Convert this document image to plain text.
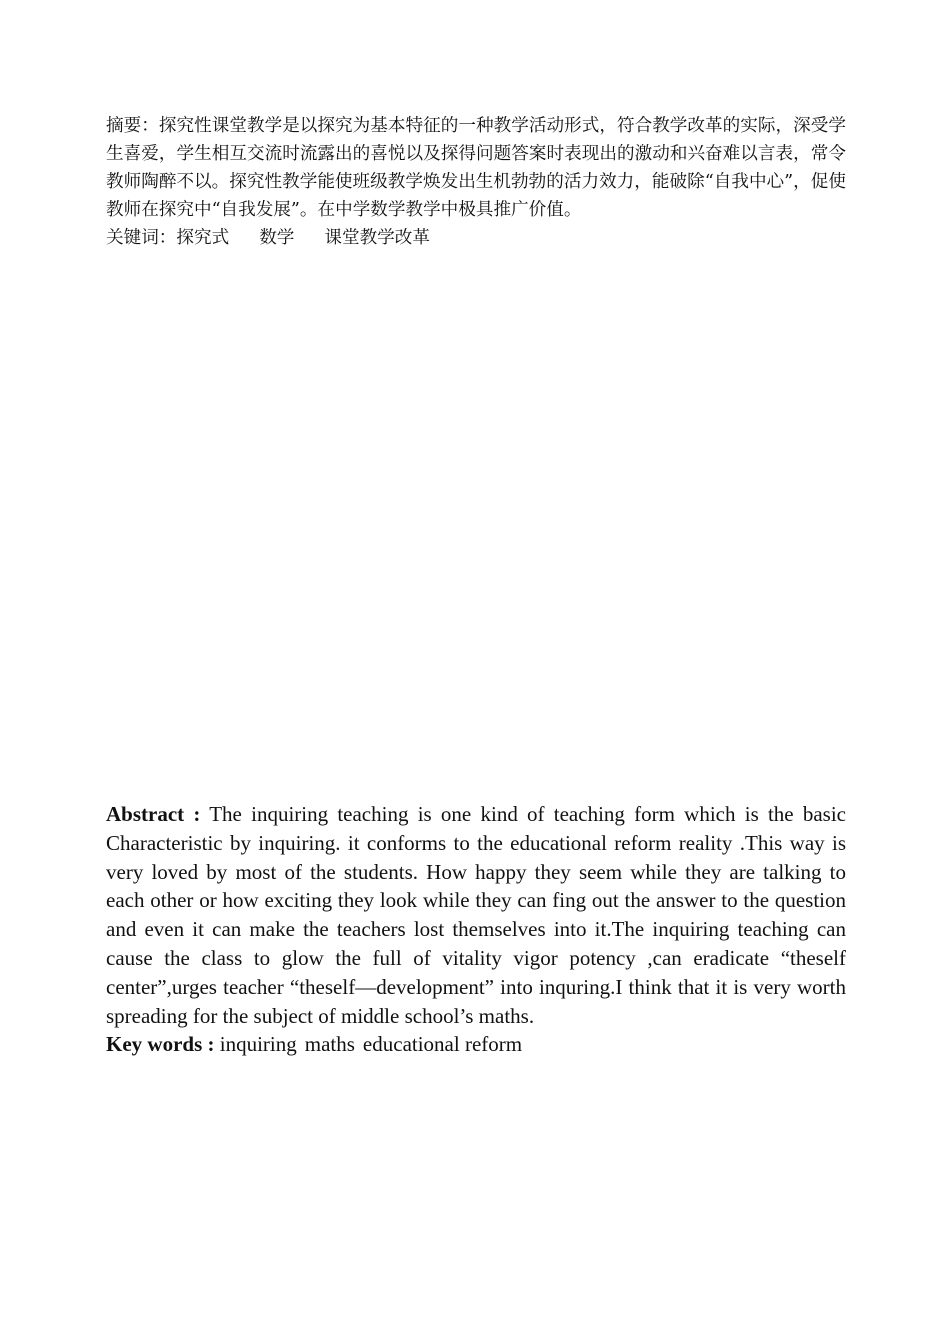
摘要：探究性课堂教学是以探究为基本特征的一种教学活动形式，符合教学改革的实际，深受学生喜爱，学生相互交流时流露出的喜悦以及探得问题答案时表现出的激动和兴奋难以言表，常令教师陶醉不以。探究性教学能使班级教学焕发出生机勃勃的活力效力，能破除“自我中心”，促使教师在探究中“自我发展”。在中学数学教学中极具推广价值。

关键词：探究式 数学 课堂教学改革

Abstract : The inquiring teaching is one kind of teaching form which is the basic Characteristic by inquiring. it conforms to the educational reform reality .This way is very loved by most of the students. How happy they seem while they are talking to each other or how exciting they look while they can fing out the answer to the question and even it can make the teachers lost themselves into it.The inquiring teaching can cause the class to glow the full of vitality vigor potency ,can eradicate “theself center”,urges teacher “theself—development” into inquring.I think that it is very worth spreading for the subject of middle school’s maths.

Key words : inquiring maths educational reform
